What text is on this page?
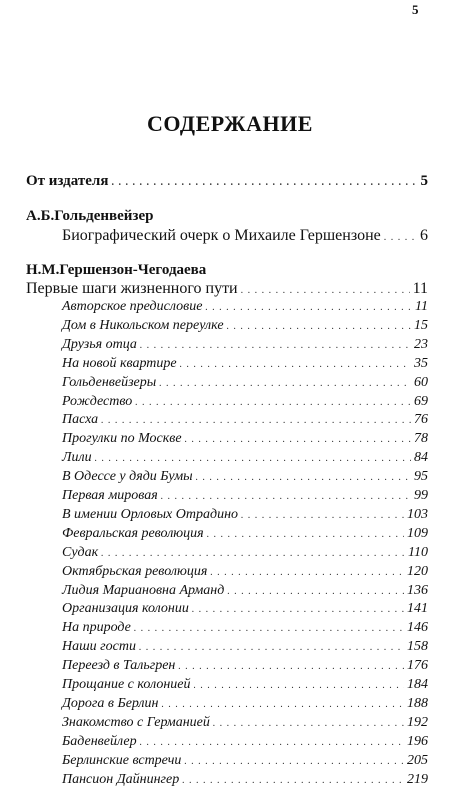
5
СОДЕРЖАНИЕ
От издателя . . .	5
А.Б.Гольденвейзер
Биографический очерк о Михаиле Гершензоне . . . 6
Н.М.Гершензон-Чегодаева
Первые шаги жизненного пути . . .	11
Авторское предисловие . . .	11
Дом в Никольском переулке . . .	15
Друзья отца . . .	23
На новой квартире . . .	35
Гольденвейзеры . . .	60
Рождество . . .	69
Пасха . . .	76
Прогулки по Москве . . .	78
Лили . . .	84
В Одессе у дяди Бумы . . .	95
Первая мировая . . .	99
В имении Орловых Отрадино . . .	103
Февральская революция . . .	109
Судак . . .	110
Октябрьская революция . . .	120
Лидия Мариановна Арманд . . .	136
Организация колонии . . .	141
На природе . . .	146
Наши гости . . .	158
Переезд в Тальгрен . . .	176
Прощание с колонией . . .	184
Дорога в Берлин . . .	188
Знакомство с Германией . . .	192
Баденвейлер . . .	196
Берлинские встречи . . .	205
Пансион Дайнингер . . .	219
